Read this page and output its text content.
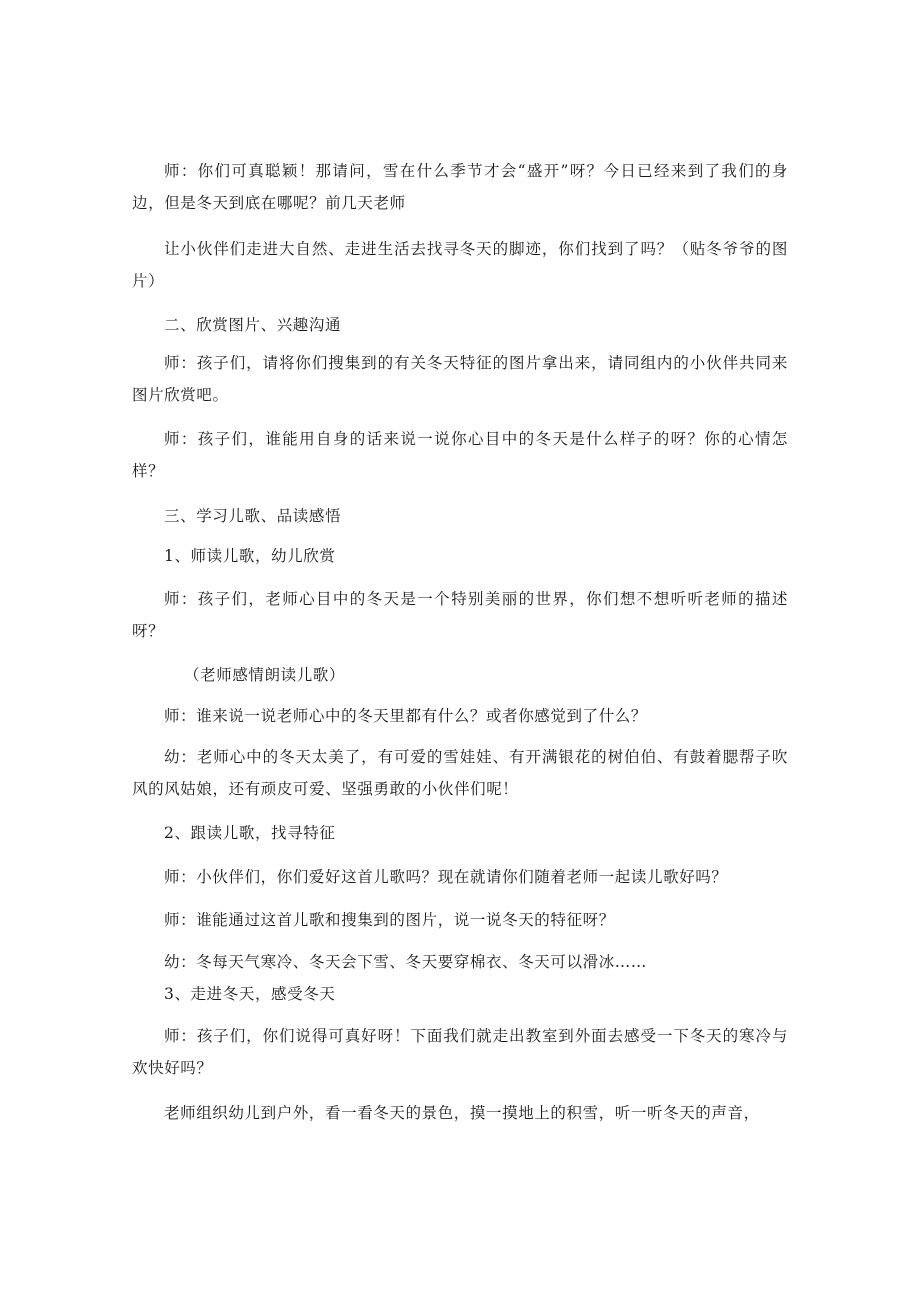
师：你们可真聪颖！那请问，雪在什么季节才会“盛开”呀？今日已经来到了我们的身边，但是冬天到底在哪呢？前几天老师

让小伙伴们走进大自然、走进生活去找寻冬天的脚迹，你们找到了吗？（贴冬爷爷的图片）

二、欣赏图片、兴趣沟通

师：孩子们，请将你们搜集到的有关冬天特征的图片拿出来，请同组内的小伙伴共同来图片欣赏吧。

师：孩子们，谁能用自身的话来说一说你心目中的冬天是什么样子的呀？你的心情怎样？

三、学习儿歌、品读感悟

1、师读儿歌，幼儿欣赏

师：孩子们，老师心目中的冬天是一个特别美丽的世界，你们想不想听听老师的描述呀？

（老师感情朗读儿歌）

师：谁来说一说老师心中的冬天里都有什么？或者你感觉到了什么？

幼：老师心中的冬天太美了，有可爱的雪娃娃、有开满银花的树伯伯、有鼓着腮帮子吹风的风姑娘，还有顽皮可爱、坚强勇敢的小伙伴们呢！

2、跟读儿歌，找寻特征

师：小伙伴们，你们爱好这首儿歌吗？现在就请你们随着老师一起读儿歌好吗？

师：谁能通过这首儿歌和搜集到的图片，说一说冬天的特征呀？

幼：冬每天气寒冷、冬天会下雪、冬天要穿棉衣、冬天可以滑冰……

3、走进冬天，感受冬天

师：孩子们，你们说得可真好呀！下面我们就走出教室到外面去感受一下冬天的寒冷与欢快好吗？

老师组织幼儿到户外，看一看冬天的景色，摸一摸地上的积雪，听一听冬天的声音，
